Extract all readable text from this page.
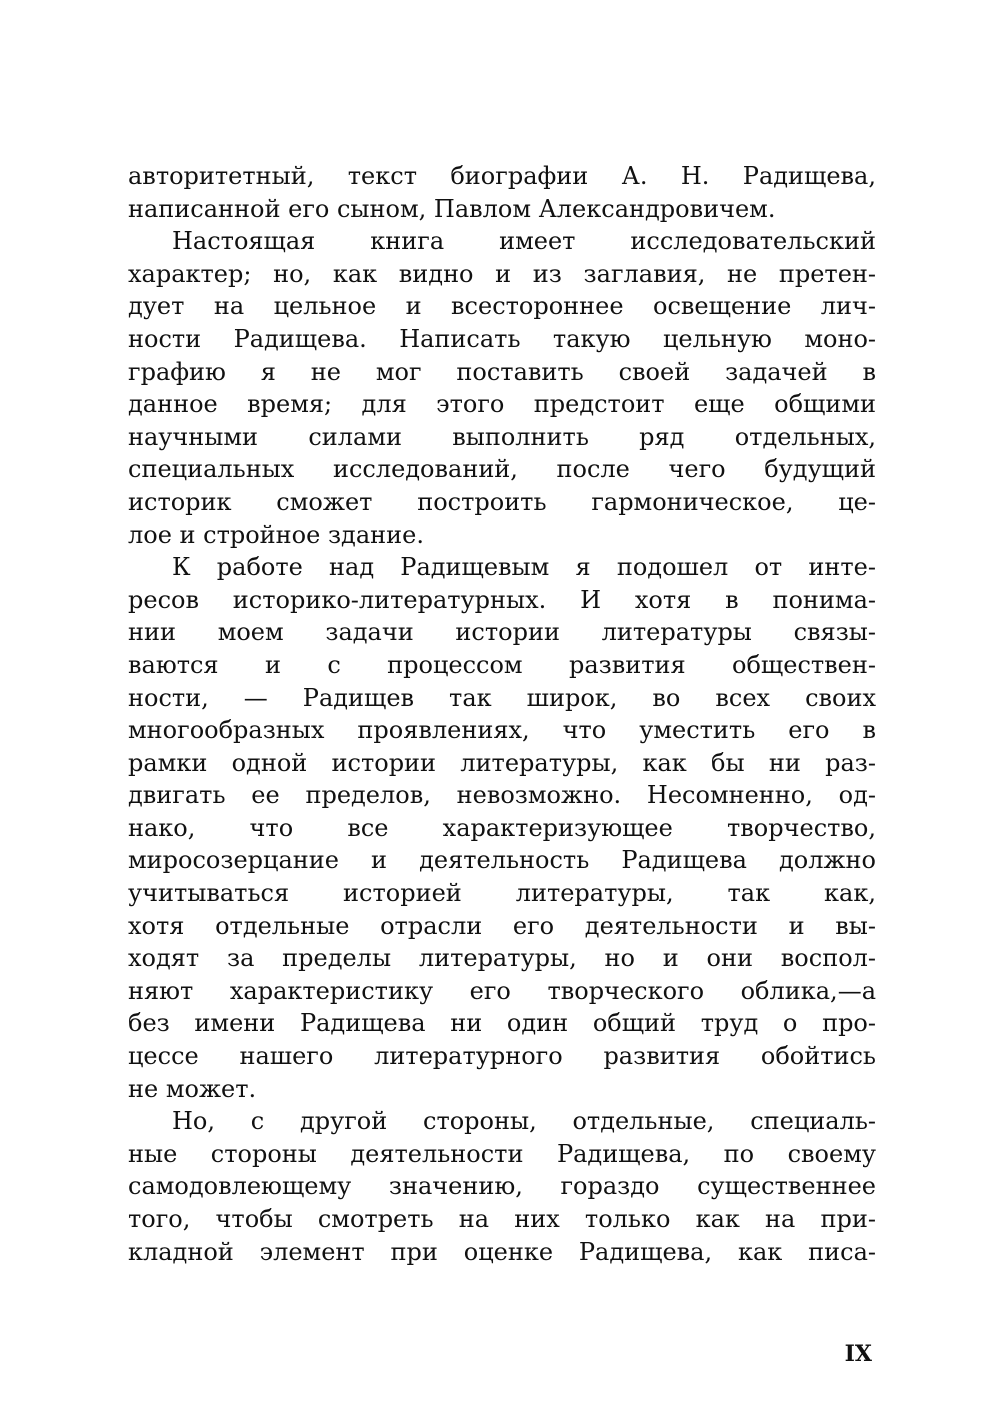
авторитетный, текст биографии А. Н. Радищева,
написанной его сыном, Павлом Александровичем.
Настоящая книга имеет исследовательский
характер; но, как видно и из заглавия, не претен-
дует на цельное и всестороннее освещение лич-
ности Радищева. Написать такую цельную моно-
графию я не мог поставить своей задачей в
данное время; для этого предстоит еще общими
научными силами выполнить ряд отдельных,
специальных исследований, после чего будущий
историк сможет построить гармоническое, це-
лое и стройное здание.
К работе над Радищевым я подошел от инте-
ресов историко-литературных. И хотя в понима-
нии моем задачи истории литературы связы-
ваются и с процессом развития обществен-
ности, — Радищев так широк, во всех своих
многообразных проявлениях, что уместить его в
рамки одной истории литературы, как бы ни раз-
двигать ее пределов, невозможно. Несомненно, од-
нако, что все характеризующее творчество,
миросозерцание и деятельность Радищева должно
учитываться историей литературы, так как,
хотя отдельные отрасли его деятельности и вы-
ходят за пределы литературы, но и они воспол-
няют характеристику его творческого облика,—а
без имени Радищева ни один общий труд о про-
цессе нашего литературного развития обойтись
не может.
Но, с другой стороны, отдельные, специаль-
ные стороны деятельности Радищева, по своему
самодовлеющему значению, гораздо существеннее
того, чтобы смотреть на них только как на при-
кладной элемент при оценке Радищева, как писа-
IX
